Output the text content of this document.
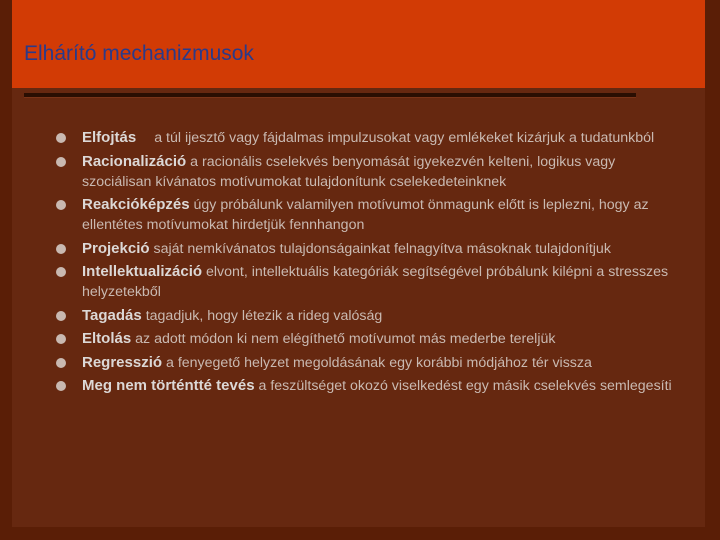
Elhárító mechanizmusok
Elfojtás a túl ijesztő vagy fájdalmas impulzusokat vagy emlékeket kizárjuk a tudatunkból
Racionalizáció a racionális cselekvés benyomását igyekezvén kelteni, logikus vagy szociálisan kívánatos motívumokat tulajdonítunk cselekedeteinknek
Reakcióképzés úgy próbálunk valamilyen motívumot önmagunk előtt is leplezni, hogy az ellentétes motívumokat hirdetjük fennhangon
Projekció saját nemkívánatos tulajdonságainkat felnagyítva másoknak tulajdonítjuk
Intellektualizáció elvont, intellektuális kategóriák segítségével próbálunk kilépni a stresszes helyzetekből
Tagadás tagadjuk, hogy létezik a rideg valóság
Eltolás az adott módon ki nem elégíthető motívumot más mederbe tereljük
Regresszió a fenyegető helyzet megoldásának egy korábbi módjához tér vissza
Meg nem történtté tevés a feszültséget okozó viselkedést egy másik cselekvés semlegesíti
